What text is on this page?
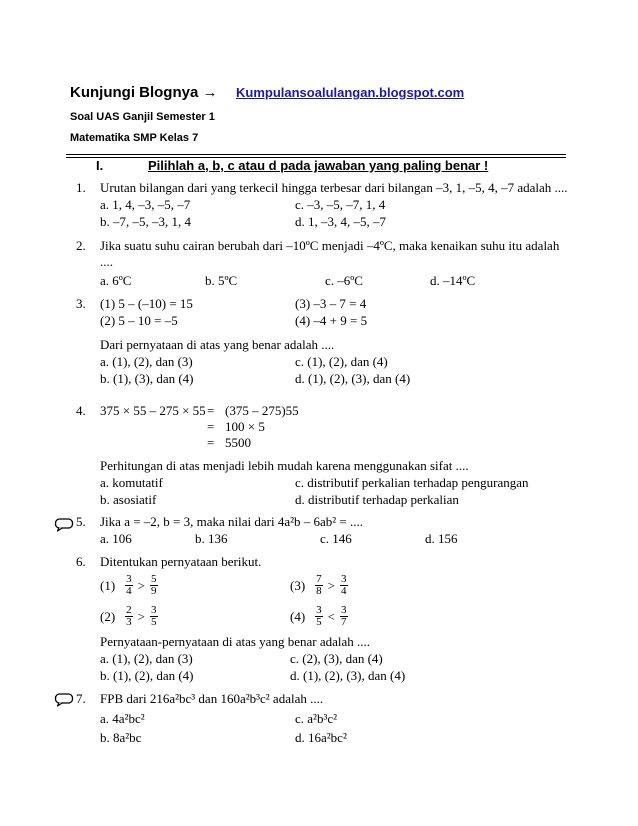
Kunjungi Blognya → Kumpulansoalulangan.blogspot.com
Soal UAS Ganjil Semester 1
Matematika SMP Kelas 7
I.	Pilihlah a, b, c atau d pada jawaban yang paling benar !
1. Urutan bilangan dari yang terkecil hingga terbesar dari bilangan –3, 1, –5, 4, –7 adalah ....
a. 1, 4, –3, –5, –7	c. –3, –5, –7, 1, 4
b. –7, –5, –3, 1, 4	d. 1, –3, 4, –5, –7
2. Jika suatu suhu cairan berubah dari –10ºC menjadi –4ºC, maka kenaikan suhu itu adalah
....
a. 6ºC	b. 5ºC	c. –6ºC	d. –14ºC
3. (1) 5 – (–10) = 15	(3) –3 – 7 = 4
(2) 5 – 10 = –5	(4) –4 + 9 = 5
Dari pernyataan di atas yang benar adalah ....
a. (1), (2), dan (3)	c. (1), (2), dan (4)
b. (1), (3), dan (4)	d. (1), (2), (3), dan (4)
4. 375 × 55 – 275 × 55 = (375 – 275)55
= 100 × 5
= 5500
Perhitungan di atas menjadi lebih mudah karena menggunakan sifat ....
a. komutatif	c. distributif perkalian terhadap pengurangan
b. asosiatif	d. distributif terhadap perkalian
5. Jika a = –2, b = 3, maka nilai dari 4a²b – 6ab² = ....
a. 106	b. 136	c. 146	d. 156
6. Ditentukan pernyataan berikut.
$(1) \frac{3}{4} > \frac{5}{9}$	$(3) \frac{7}{8} > \frac{3}{4}$
$(2) \frac{2}{3} > \frac{3}{5}$	$(4) \frac{3}{5} < \frac{3}{7}$
Pernyataan-pernyataan di atas yang benar adalah ....
a. (1), (2), dan (3)	c. (2), (3), dan (4)
b. (1), (2), dan (4)	d. (1), (2), (3), dan (4)
7. FPB dari 216a²bc³ dan 160a²b³c² adalah ....
a. 4a²bc²	c. a²b³c²
b. 8a²bc	d. 16a²bc²
